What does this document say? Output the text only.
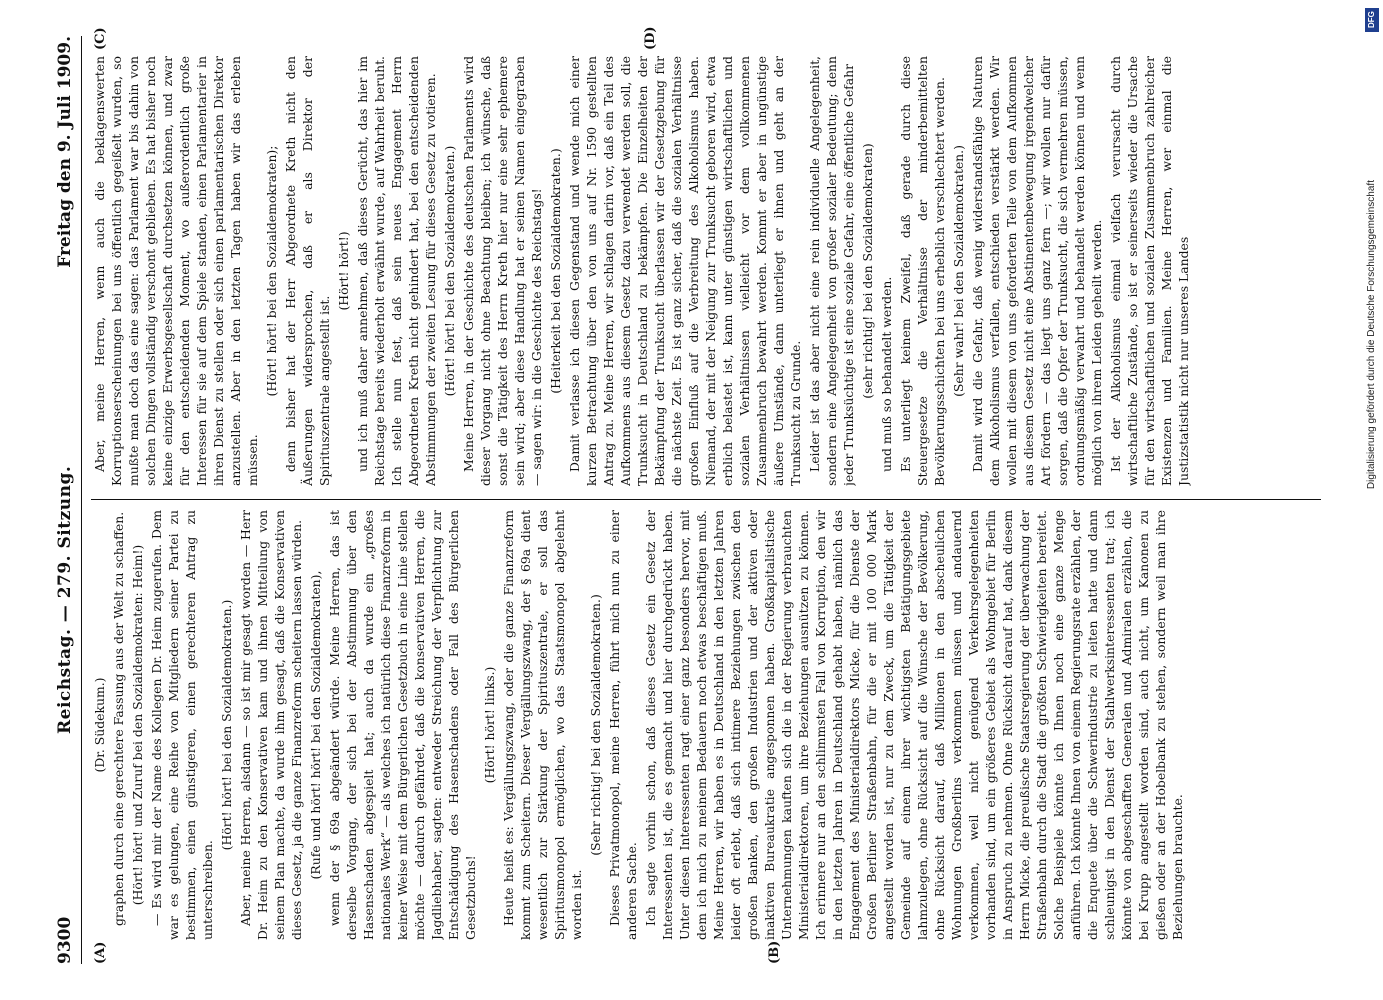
9300
Reichstag. — 279. Sitzung.
Freitag den 9. Juli 1909.
(A)	(B)
(C)	(D)

(Dr. Südekum.) graphen durch eine gerechtere Fassung aus der Welt zu schaffen. (Hört! hört! und Zuruf bei den Sozialdemokraten: Heim!) — Es wird mir der Name des Kollegen Dr. Heim zugerufen. Dem war es gelungen, eine Reihe von Mitgliedern seiner Partei zu bestimmen, einen günstigeren, einen gerechteren Antrag zu unterschreiben.

(Hört! hört! bei den Sozialdemokraten.) Aber, meine Herren, alsdann — so ist mir gesagt worden — Herr Dr. Heim zu den Konservativen kam und ihnen Mitteilung von seinem Plan machte, da wurde ihm gesagt, daß die Konservativen dieses Gesetz, ja die ganze Finanzreform scheitern lassen würden. (Rufe und hört! hört! bei den Sozialdemokraten), wenn der § 69a abgeändert würde. Meine Herren, das ist derselbe Vorgang, der sich bei der Abstimmung über den Hasenschaden abgespielt hat; auch da wurde ein „großes nationales Werk“ — als welches ich natürlich diese Finanzreform in keiner Weise mit dem Bürgerlichen Gesetzbuch in eine Linie stellen möchte — dadurch gefährdet, daß die konservativen Herren, die Jagdliebhaber, sagten: entweder Streichung der Verpflichtung zur Entschädigung des Hasenschadens oder Fall des Bürgerlichen Gesetzbuchs!

(Hört! hört! links.) Heute heißt es: Vergällungszwang, oder die ganze Finanzreform kommt zum Scheitern. Dieser Vergällungszwang, der § 69a dient wesentlich zur Stärkung der Spirituszentrale, er soll das Spiritusmonopol ermöglichen, wo das Staatsmonopol abgelehnt worden ist.

(Sehr richtig! bei den Sozialdemokraten.) Dieses Privatmonopol, meine Herren, führt mich nun zu einer anderen Sache. Ich sagte vorhin schon, daß dieses Gesetz ein Gesetz der Interessenten ist, die es gemacht und hier durchgedrückt haben. Unter diesen Interessenten ragt einer ganz besonders hervor, mit dem ich mich zu meinem Bedauern noch etwas beschäftigen muß. Meine Herren, wir haben es in Deutschland in den letzten Jahren leider oft erlebt, daß sich intimere Beziehungen zwischen den großen Banken, den großen Industrien und der aktiven oder inaktiven Bureaukratie angesponnen haben. Großkapitalistische Unternehmungen kauften sich die in der Regierung verbrauchten Ministerialdirektoren, um ihre Beziehungen ausnützen zu können. Ich erinnere nur an den schlimmsten Fall von Korruption, den wir in den letzten Jahren in Deutschland gehabt haben, nämlich das Engagement des Ministerialdirektors Micke, für die Dienste der Großen Berliner Straßenbahn, für die er mit 100 000 Mark angestellt worden ist, nur zu dem Zweck, um die Tätigkeit der Gemeinde auf einem ihrer wichtigsten Betätigungsgebiete lahmzulegen, ohne Rücksicht auf die Wünsche der Bevölkerung, ohne Rücksicht darauf, daß Millionen in den abscheulichen Wohnungen Großberlins verkommen müssen und andauernd verkommen, weil nicht genügend Verkehrsgelegenheiten vorhanden sind, um ein größeres Gebiet als Wohngebiet für Berlin in Anspruch zu nehmen. Ohne Rücksicht darauf hat, dank diesem Herrn Micke, die preußische Staatsregierung der überwachung der Straßenbahn durch die Stadt die größten Schwierigkeiten bereitet. Solche Beispiele könnte ich Ihnen noch eine ganze Menge anführen. Ich könnte Ihnen von einem Regierungsrate erzählen, der die Enquete über die Schwerindustrie zu leiten hatte und dann schleunigst in den Dienst der Stahlwerksinteressenten trat; ich könnte von abgeschafften Generalen und Admiralen erzählen, die bei Krupp angestellt worden sind, auch nicht, um Kanonen zu gießen oder an der Hobelbank zu stehen, sondern weil man ihre Beziehungen brauchte.

Aber, meine Herren, wenn auch die beklagenswerten Korruptionserscheinungen bei uns öffentlich gegeißelt wurden, so mußte man doch das eine sagen: das Parlament war bis dahin von solchen Dingen vollständig verschont geblieben. Es hat bisher noch keine einzige Erwerbsgesellschaft durchsetzen können, und zwar für den entscheidenden Moment, wo außerordentlich große Interessen für sie auf dem Spiele standen, einen Parlamentarier in ihren Dienst zu stellen oder sich einen parlamentarischen Direktor anzustellen. Aber in den letzten Tagen haben wir das erleben müssen.

(Hört! hört! bei den Sozialdemokraten); denn bisher hat der Herr Abgeordnete Kreth nicht den Äußerungen widersprochen, daß er als Direktor der Spirituszentrale angestellt ist.

(Hört! hört!) und ich muß daher annehmen, daß dieses Gerücht, das hier im Reichstage bereits wiederholt erwähnt wurde, auf Wahrheit beruht. Ich stelle nun fest, daß sein neues Engagement Herrn Abgeordneten Kreth nicht gehindert hat, bei den entscheidenden Abstimmungen der zweiten Lesung für dieses Gesetz zu votieren. (Hört! hört! bei den Sozialdemokraten.) Meine Herren, in der Geschichte des deutschen Parlaments wird dieser Vorgang nicht ohne Beachtung bleiben; ich wünsche, daß sonst die Tätigkeit des Herrn Kreth hier nur eine sehr ephemere sein wird; aber diese Handlung hat er seinen Namen eingegraben — sagen wir: in die Geschichte des Reichstags! (Heiterkeit bei den Sozialdemokraten.) Damit verlasse ich diesen Gegenstand und wende mich einer kurzen Betrachtung über den von uns auf Nr. 1590 gestellten Antrag zu. Meine Herren, wir schlagen darin vor, daß ein Teil des Aufkommens aus diesem Gesetz dazu verwendet werden soll, die Trunksucht in Deutschland zu bekämpfen. Die Einzelheiten der Bekämpfung der Trunksucht überlassen wir der Gesetzgebung für die nächste Zeit. Es ist ganz sicher, daß die sozialen Verhältnisse großen Einfluß auf die Verbreitung des Alkoholismus haben. Niemand, der mit der Neigung zur Trunksucht geboren wird, etwa erblich belastet ist, kann unter günstigen wirtschaftlichen und sozialen Verhältnissen vielleicht vor dem vollkommenen Zusammenbruch bewahrt werden. Kommt er aber in ungünstige äußere Umstände, dann unterliegt er ihnen und geht an der Trunksucht zu Grunde. Leider ist das aber nicht eine rein individuelle Angelegenheit, sondern eine Angelegenheit von großer sozialer Bedeutung; denn jeder Trunksüchtige ist eine soziale Gefahr, eine öffentliche Gefahr (sehr richtig! bei den Sozialdemokraten) und muß so behandelt werden. Es unterliegt keinem Zweifel, daß gerade durch diese Steuergesetze die Verhältnisse der minderbemittelten Bevölkerungsschichten bei uns erheblich verschlechtert werden. (Sehr wahr! bei den Sozialdemokraten.) Damit wird die Gefahr, daß wenig widerstandsfähige Naturen dem Alkoholismus verfallen, entschieden verstärkt werden. Wir wollen mit diesem von uns geforderten Teile von dem Aufkommen aus diesem Gesetz nicht eine Abstinentenbewegung irgendwelcher Art fördern — das liegt uns ganz fern —; wir wollen nur dafür sorgen, daß die Opfer der Trunksucht, die sich vermehren müssen, ordnungsmäßig verwahrt und behandelt werden können und wenn möglich von ihrem Leiden geheilt werden. Ist der Alkoholismus einmal vielfach verursacht durch wirtschaftliche Zustände, so ist er seinerseits wieder die Ursache für den wirtschaftlichen und sozialen Zusammenbruch zahlreicher Existenzen und Familien. Meine Herren, wer einmal die Justizstatistik nicht nur unseres Landes	Digitalisierung gefördert durch die Deutsche Forschungsgemeinschaft
DFG
